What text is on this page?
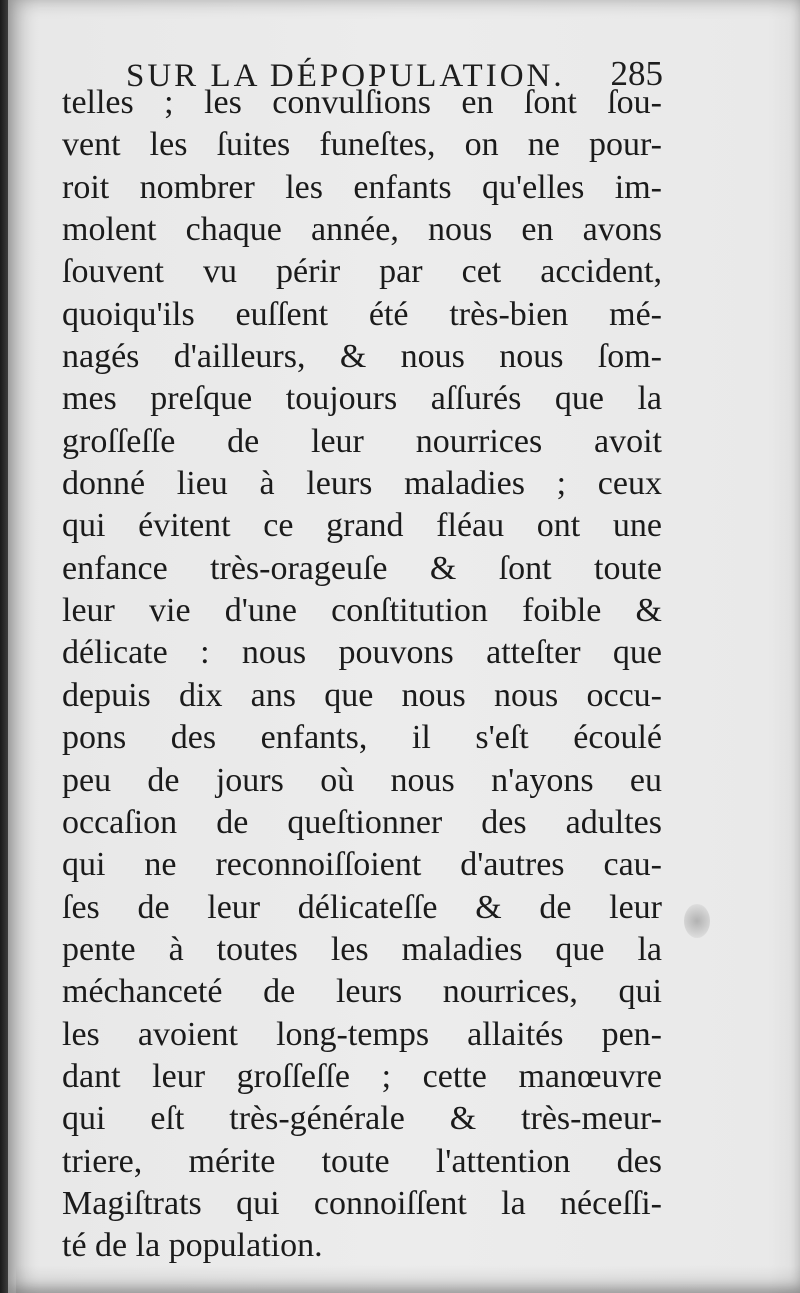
SUR LA DÉPOPULATION. 285
telles ; les convulſions en ſont ſou-
vent les ſuites funeſtes, on ne pour-
roit nombrer les enfants qu'elles im-
molent chaque année, nous en avons
ſouvent vu périr par cet accident,
quoiqu'ils euſſent été très-bien mé-
nagés d'ailleurs, & nous nous ſom-
mes preſque toujours aſſurés que la
groſſeſſe de leur nourrices avoit
donné lieu à leurs maladies ; ceux
qui évitent ce grand fléau ont une
enfance très-orageuſe & ſont toute
leur vie d'une conſtitution foible &
délicate : nous pouvons atteſter que
depuis dix ans que nous nous occu-
pons des enfants, il s'eſt écoulé
peu de jours où nous n'ayons eu
occaſion de queſtionner des adultes
qui ne reconnoiſſoient d'autres cau-
ſes de leur délicateſſe & de leur
pente à toutes les maladies que la
méchanceté de leurs nourrices, qui
les avoient long-temps allaités pen-
dant leur groſſeſſe ; cette manœuvre
qui eſt très-générale & très-meur-
triere, mérite toute l'attention des
Magiſtrats qui connoiſſent la néceſſi-
té de la population.
